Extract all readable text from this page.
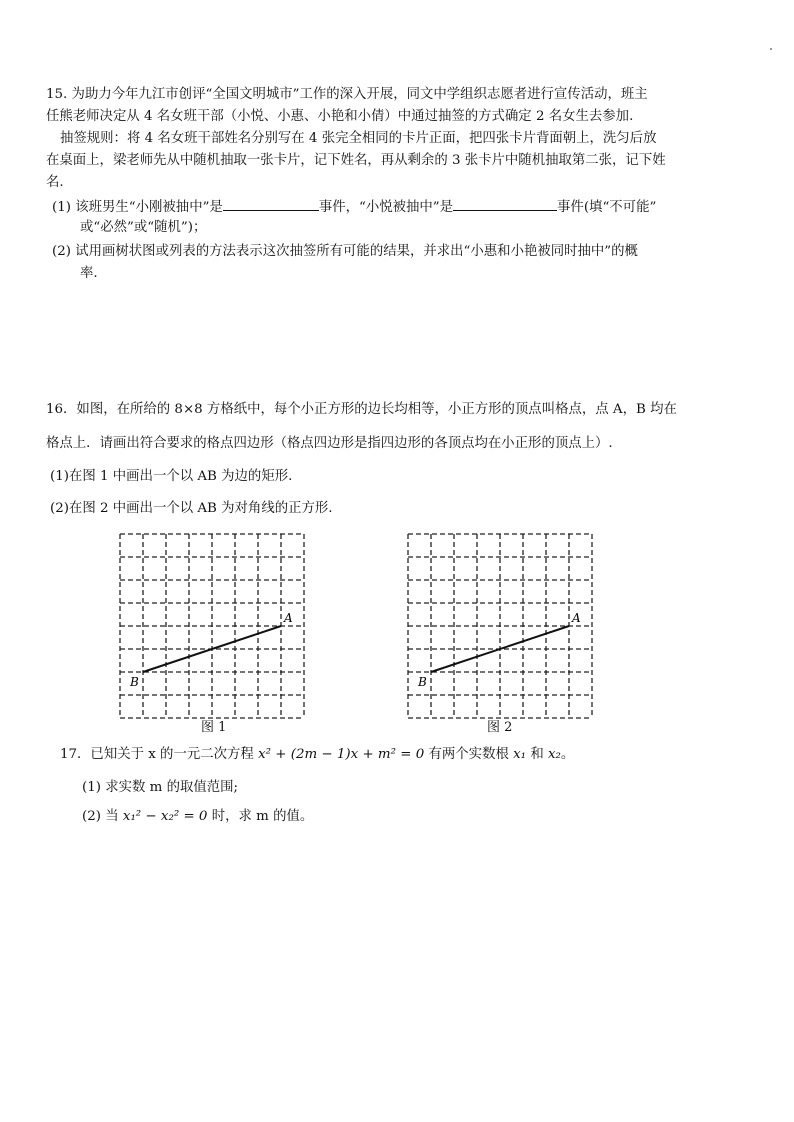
15. 为助力今年九江市创评“全国文明城市”工作的深入开展，同文中学组织志愿者进行宣传活动，班主
任熊老师决定从 4 名女班干部（小悦、小惠、小艳和小倩）中通过抽签的方式确定 2 名女生去参加.
抽签规则：将 4 名女班干部姓名分别写在 4 张完全相同的卡片正面，把四张卡片背面朝上，洗匀后放
在桌面上，梁老师先从中随机抽取一张卡片，记下姓名，再从剩余的 3 张卡片中随机抽取第二张，记下姓
名.
(1) 该班男生“小刚被抽中”是	事件，“小悦被抽中”是	事件(填“不可能”
或“必然”或“随机”)；
(2) 试用画树状图或列表的方法表示这次抽签所有可能的结果，并求出“小惠和小艳被同时抽中”的概
率.
16．如图，在所给的 8×8 方格纸中，每个小正方形的边长均相等，小正方形的顶点叫格点，点 A，B 均在
格点上．请画出符合要求的格点四边形（格点四边形是指四边形的各顶点均在小正形的顶点上）.
(1)在图 1 中画出一个以 AB 为边的矩形.
(2)在图 2 中画出一个以 AB 为对角线的正方形.
A
B
图 1
A
B
图 2
17．已知关于 x 的一元二次方程 x² + (2m − 1)x + m² = 0 有两个实数根 x₁ 和 x₂。
(1) 求实数 m 的取值范围;
(2) 当 x₁² − x₂² = 0 时，求 m 的值。
